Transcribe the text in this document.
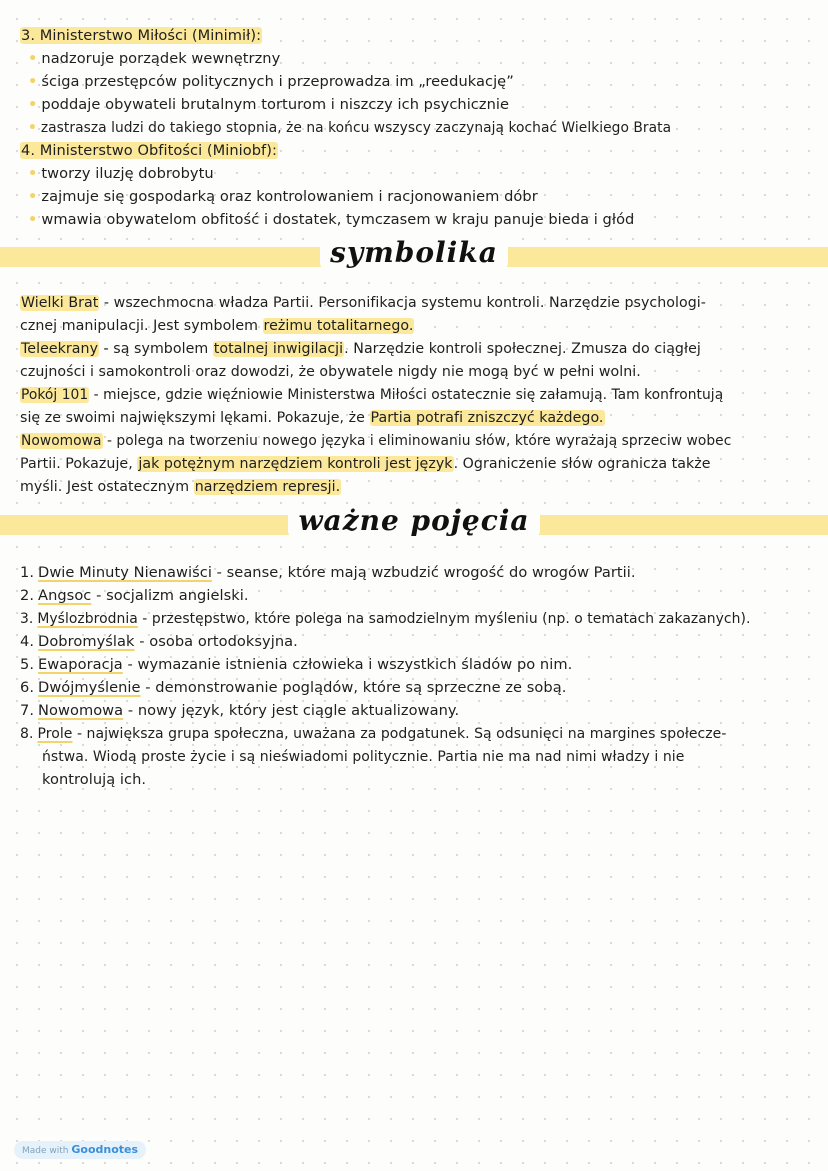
3. Ministerstwo Miłości (Minimił):
• nadzoruje porządek wewnętrzny
• ściga przestępców politycznych i przeprowadza im „reedukację”
• poddaje obywateli brutalnym torturom i niszczy ich psychicznie
• zastrasza ludzi do takiego stopnia, że na końcu wszyscy zaczynają kochać Wielkiego Brata
4. Ministerstwo Obfitości (Miniobf):
• tworzy iluzję dobrobytu
• zajmuje się gospodarką oraz kontrolowaniem i racjonowaniem dóbr
• wmawia obywatelom obfitość i dostatek, tymczasem w kraju panuje bieda i głód
symbolika
Wielki Brat - wszechmocna władza Partii. Personifikacja systemu kontroli. Narzędzie psychologi-
cznej manipulacji. Jest symbolem reżimu totalitarnego.
Teleekrany - są symbolem totalnej inwigilacji. Narzędzie kontroli społecznej. Zmusza do ciągłej
czujności i samokontroli oraz dowodzi, że obywatele nigdy nie mogą być w pełni wolni.
Pokój 101 - miejsce, gdzie więźniowie Ministerstwa Miłości ostatecznie się załamują. Tam konfrontują
się ze swoimi największymi lękami. Pokazuje, że Partia potrafi zniszczyć każdego.
Nowomowa - polega na tworzeniu nowego języka i eliminowaniu słów, które wyrażają sprzeciw wobec
Partii. Pokazuje, jak potężnym narzędziem kontroli jest język. Ograniczenie słów ogranicza także
myśli. Jest ostatecznym narzędziem represji.
ważne pojęcia
1. Dwie Minuty Nienawiści - seanse, które mają wzbudzić wrogość do wrogów Partii.
2. Angsoc - socjalizm angielski.
3. Myślozbrodnia - przestępstwo, które polega na samodzielnym myśleniu (np. o tematach zakazanych).
4. Dobromyślak - osoba ortodoksyjna.
5. Ewaporacja - wymazanie istnienia człowieka i wszystkich śladów po nim.
6. Dwójmyślenie - demonstrowanie poglądów, które są sprzeczne ze sobą.
7. Nowomowa - nowy język, który jest ciągle aktualizowany.
8. Prole - największa grupa społeczna, uważana za podgatunek. Są odsunięci na margines społecze-
ństwa. Wiodą proste życie i są nieświadomi politycznie. Partia nie ma nad nimi władzy i nie
kontrolują ich.
Made with Goodnotes
